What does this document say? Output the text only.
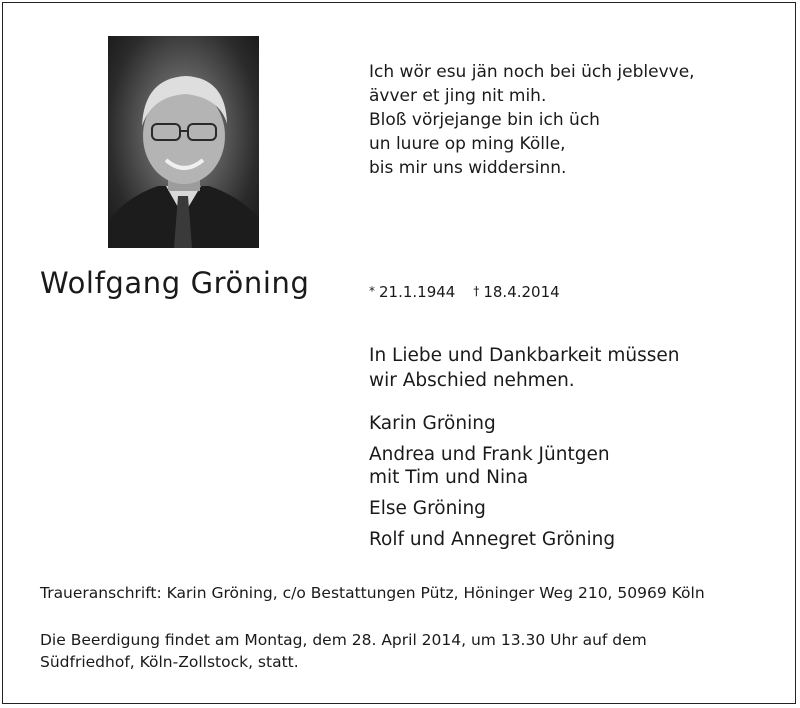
Ich wör esu jän noch bei üch jeblevve,
ävver et jing nit mih.
Bloß vörjejange bin ich üch
un luure op ming Kölle,
bis mir uns widdersinn.
Wolfgang Gröning	* 21.1.1944 † 18.4.2014
In Liebe und Dankbarkeit müssen
wir Abschied nehmen.
Karin Gröning
Andrea und Frank Jüntgen
mit Tim und Nina
Else Gröning
Rolf und Annegret Gröning
Traueranschrift: Karin Gröning, c/o Bestattungen Pütz, Höninger Weg 210, 50969 Köln
Die Beerdigung findet am Montag, dem 28. April 2014, um 13.30 Uhr auf dem
Südfriedhof, Köln-Zollstock, statt.
